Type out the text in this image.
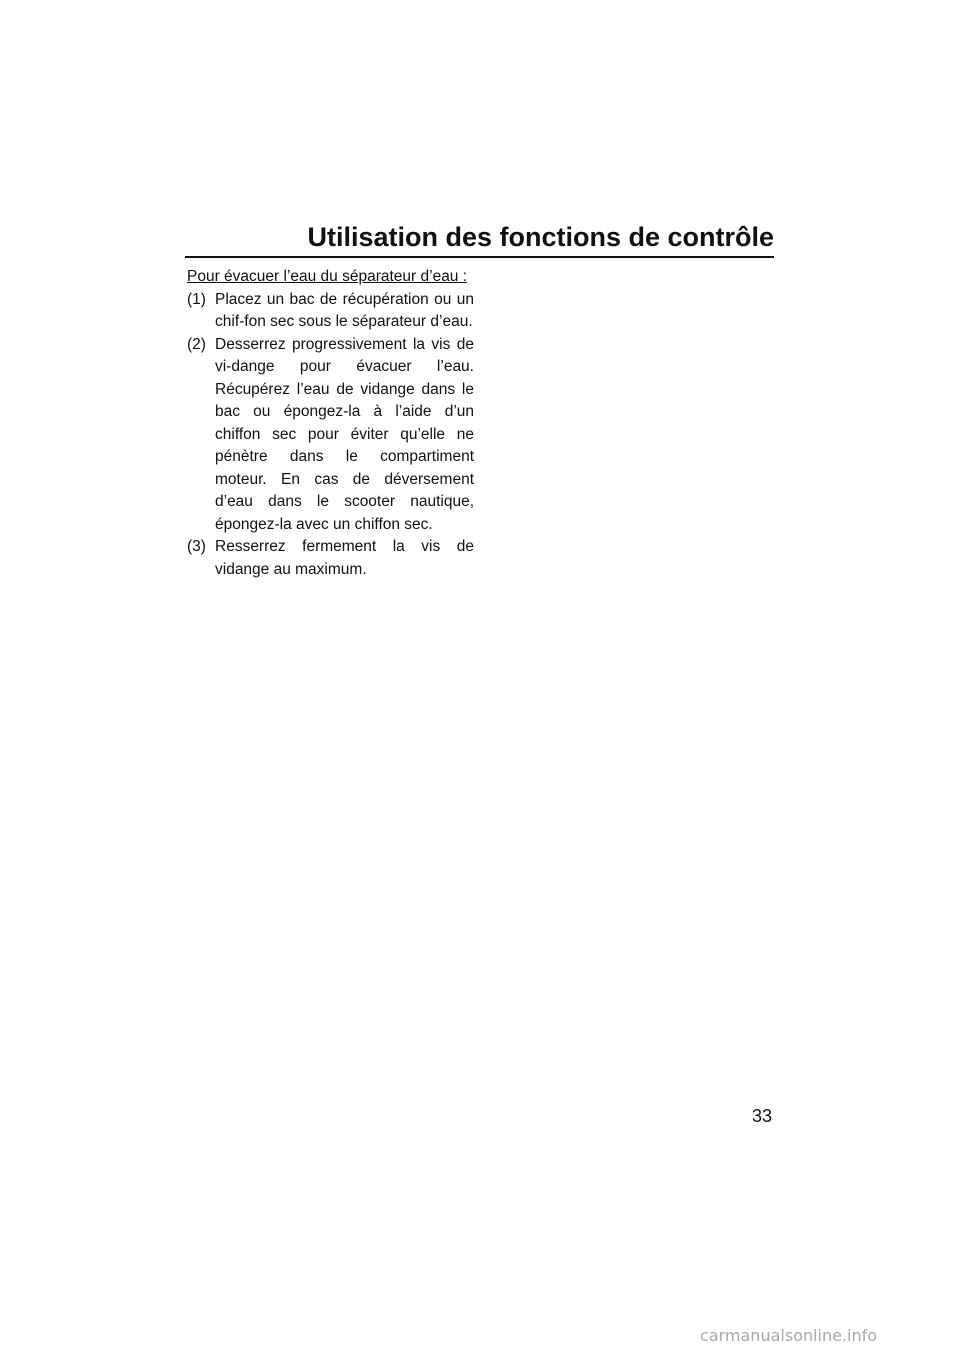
Utilisation des fonctions de contrôle

Pour évacuer l’eau du séparateur d’eau :

(1) Placez un bac de récupération ou un chif-fon sec sous le séparateur d’eau.
(2) Desserrez progressivement la vis de vi-dange pour évacuer l’eau. Récupérez l’eau de vidange dans le bac ou épongez-la à l’aide d’un chiffon sec pour éviter qu’elle ne pénètre dans le compartiment moteur. En cas de déversement d’eau dans le scooter nautique, épongez-la avec un chiffon sec.
(3) Resserrez fermement la vis de vidange au maximum.
33
carmanualsonline.info
